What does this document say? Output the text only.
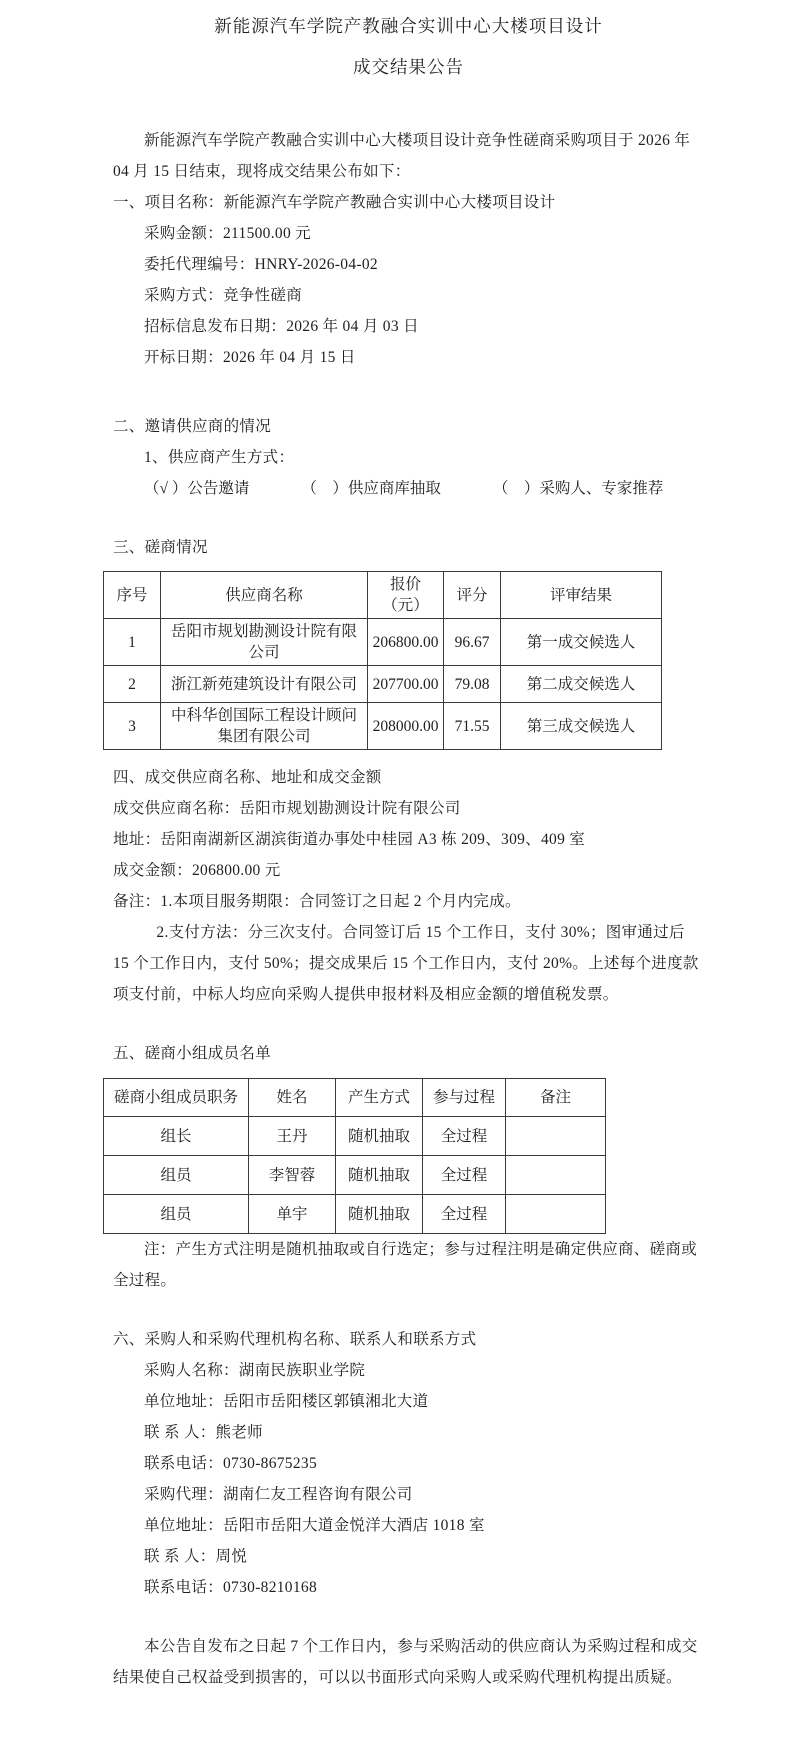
新能源汽车学院产教融合实训中心大楼项目设计
成交结果公告

新能源汽车学院产教融合实训中心大楼项目设计竞争性磋商采购项目于 2026 年 04 月 15 日结束，现将成交结果公布如下：

一、项目名称：新能源汽车学院产教融合实训中心大楼项目设计

采购金额：211500.00 元

委托代理编号：HNRY-2026-04-02

采购方式：竞争性磋商

招标信息发布日期：2026 年 04 月 03 日

开标日期：2026 年 04 月 15 日

二、邀请供应商的情况

1、供应商产生方式：

（√ ）公告邀请	（　）供应商库抽取	（　）采购人、专家推荐

三、磋商情况

序号	供应商名称	报价（元）	评分	评审结果
1	岳阳市规划勘测设计院有限公司	206800.00	96.67	第一成交候选人
2	浙江新苑建筑设计有限公司	207700.00	79.08	第二成交候选人
3	中科华创国际工程设计顾问集团有限公司	208000.00	71.55	第三成交候选人

四、成交供应商名称、地址和成交金额

成交供应商名称：岳阳市规划勘测设计院有限公司

地址：岳阳南湖新区湖滨街道办事处中桂园 A3 栋 209、309、409 室

成交金额：206800.00 元

备注：1.本项目服务期限：合同签订之日起 2 个月内完成。

2.支付方法：分三次支付。合同签订后 15 个工作日，支付 30%；图审通过后 15 个工作日内，支付 50%；提交成果后 15 个工作日内，支付 20%。上述每个进度款项支付前，中标人均应向采购人提供申报材料及相应金额的增值税发票。

五、磋商小组成员名单

磋商小组成员职务	姓名	产生方式	参与过程	备注
组长	王丹	随机抽取	全过程	
组员	李智蓉	随机抽取	全过程	
组员	单宇	随机抽取	全过程	

注：产生方式注明是随机抽取或自行选定；参与过程注明是确定供应商、磋商或全过程。

六、采购人和采购代理机构名称、联系人和联系方式

采购人名称：湖南民族职业学院

单位地址：岳阳市岳阳楼区郭镇湘北大道

联 系 人：熊老师

联系电话：0730-8675235

采购代理：湖南仁友工程咨询有限公司

单位地址：岳阳市岳阳大道金悦洋大酒店 1018 室

联 系 人：周悦

联系电话：0730-8210168

本公告自发布之日起 7 个工作日内，参与采购活动的供应商认为采购过程和成交结果使自己权益受到损害的，可以以书面形式向采购人或采购代理机构提出质疑。
